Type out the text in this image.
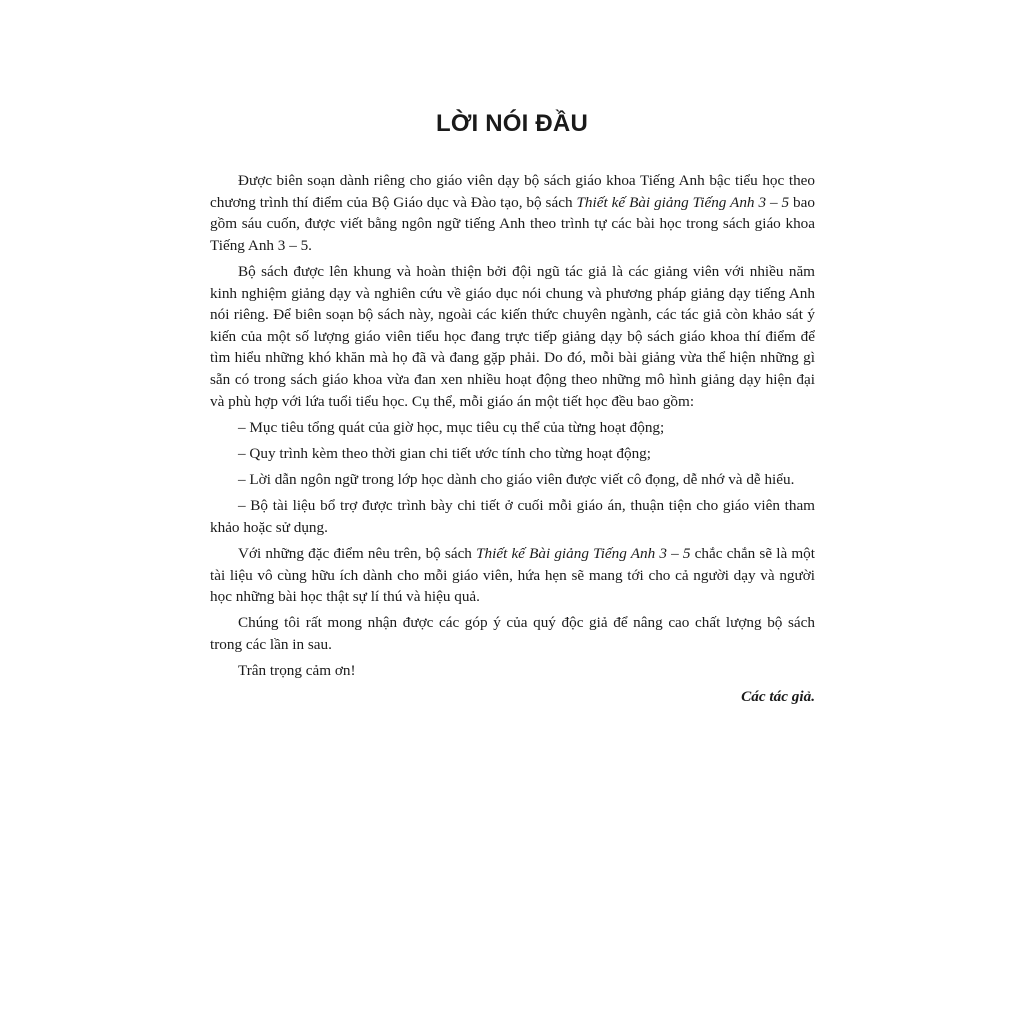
LỜI NÓI ĐẦU

Được biên soạn dành riêng cho giáo viên dạy bộ sách giáo khoa Tiếng Anh bậc tiểu học theo chương trình thí điểm của Bộ Giáo dục và Đào tạo, bộ sách Thiết kế Bài giảng Tiếng Anh 3 – 5 bao gồm sáu cuốn, được viết bằng ngôn ngữ tiếng Anh theo trình tự các bài học trong sách giáo khoa Tiếng Anh 3 – 5.

Bộ sách được lên khung và hoàn thiện bởi đội ngũ tác giả là các giảng viên với nhiều năm kinh nghiệm giảng dạy và nghiên cứu về giáo dục nói chung và phương pháp giảng dạy tiếng Anh nói riêng. Để biên soạn bộ sách này, ngoài các kiến thức chuyên ngành, các tác giả còn khảo sát ý kiến của một số lượng giáo viên tiểu học đang trực tiếp giảng dạy bộ sách giáo khoa thí điểm để tìm hiểu những khó khăn mà họ đã và đang gặp phải. Do đó, mỗi bài giảng vừa thể hiện những gì sẵn có trong sách giáo khoa vừa đan xen nhiều hoạt động theo những mô hình giảng dạy hiện đại và phù hợp với lứa tuổi tiểu học. Cụ thể, mỗi giáo án một tiết học đều bao gồm:

– Mục tiêu tổng quát của giờ học, mục tiêu cụ thể của từng hoạt động;

– Quy trình kèm theo thời gian chi tiết ước tính cho từng hoạt động;

– Lời dẫn ngôn ngữ trong lớp học dành cho giáo viên được viết cô đọng, dễ nhớ và dễ hiểu.

– Bộ tài liệu bổ trợ được trình bày chi tiết ở cuối mỗi giáo án, thuận tiện cho giáo viên tham khảo hoặc sử dụng.

Với những đặc điểm nêu trên, bộ sách Thiết kế Bài giảng Tiếng Anh 3 – 5 chắc chắn sẽ là một tài liệu vô cùng hữu ích dành cho mỗi giáo viên, hứa hẹn sẽ mang tới cho cả người dạy và người học những bài học thật sự lí thú và hiệu quả.

Chúng tôi rất mong nhận được các góp ý của quý độc giả để nâng cao chất lượng bộ sách trong các lần in sau.

Trân trọng cảm ơn!

Các tác giả.
